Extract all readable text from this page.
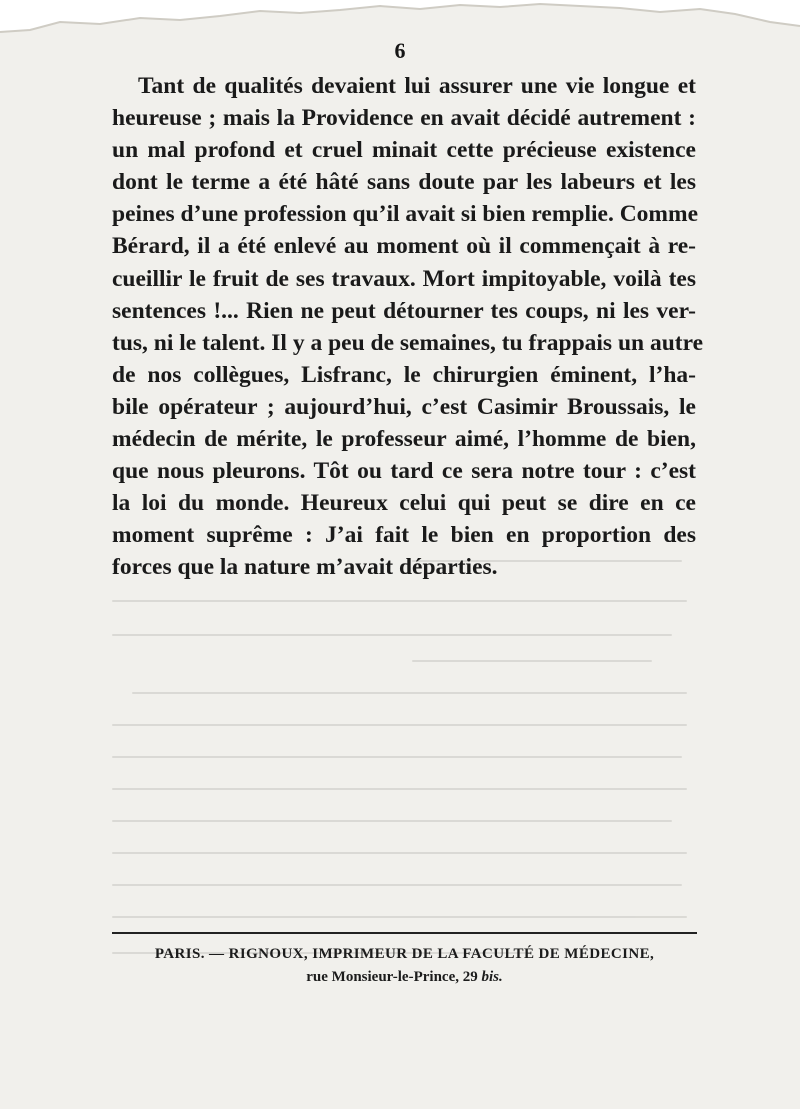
6
Tant de qualités devaient lui assurer une vie longue et
heureuse ; mais la Providence en avait décidé autrement :
un mal profond et cruel minait cette précieuse existence
dont le terme a été hâté sans doute par les labeurs et les
peines d’une profession qu’il avait si bien remplie. Comme
Bérard, il a été enlevé au moment où il commençait à re-
cueillir le fruit de ses travaux. Mort impitoyable, voilà tes
sentences !... Rien ne peut détourner tes coups, ni les ver-
tus, ni le talent. Il y a peu de semaines, tu frappais un autre
de nos collègues, Lisfranc, le chirurgien éminent, l’ha-
bile opérateur ; aujourd’hui, c’est Casimir Broussais, le
médecin de mérite, le professeur aimé, l’homme de bien,
que nous pleurons. Tôt ou tard ce sera notre tour : c’est
la loi du monde. Heureux celui qui peut se dire en ce
moment suprême : J’ai fait le bien en proportion des
forces que la nature m’avait départies.
PARIS. — RIGNOUX, IMPRIMEUR DE LA FACULTÉ DE MÉDECINE,
rue Monsieur-le-Prince, 29 bis.
